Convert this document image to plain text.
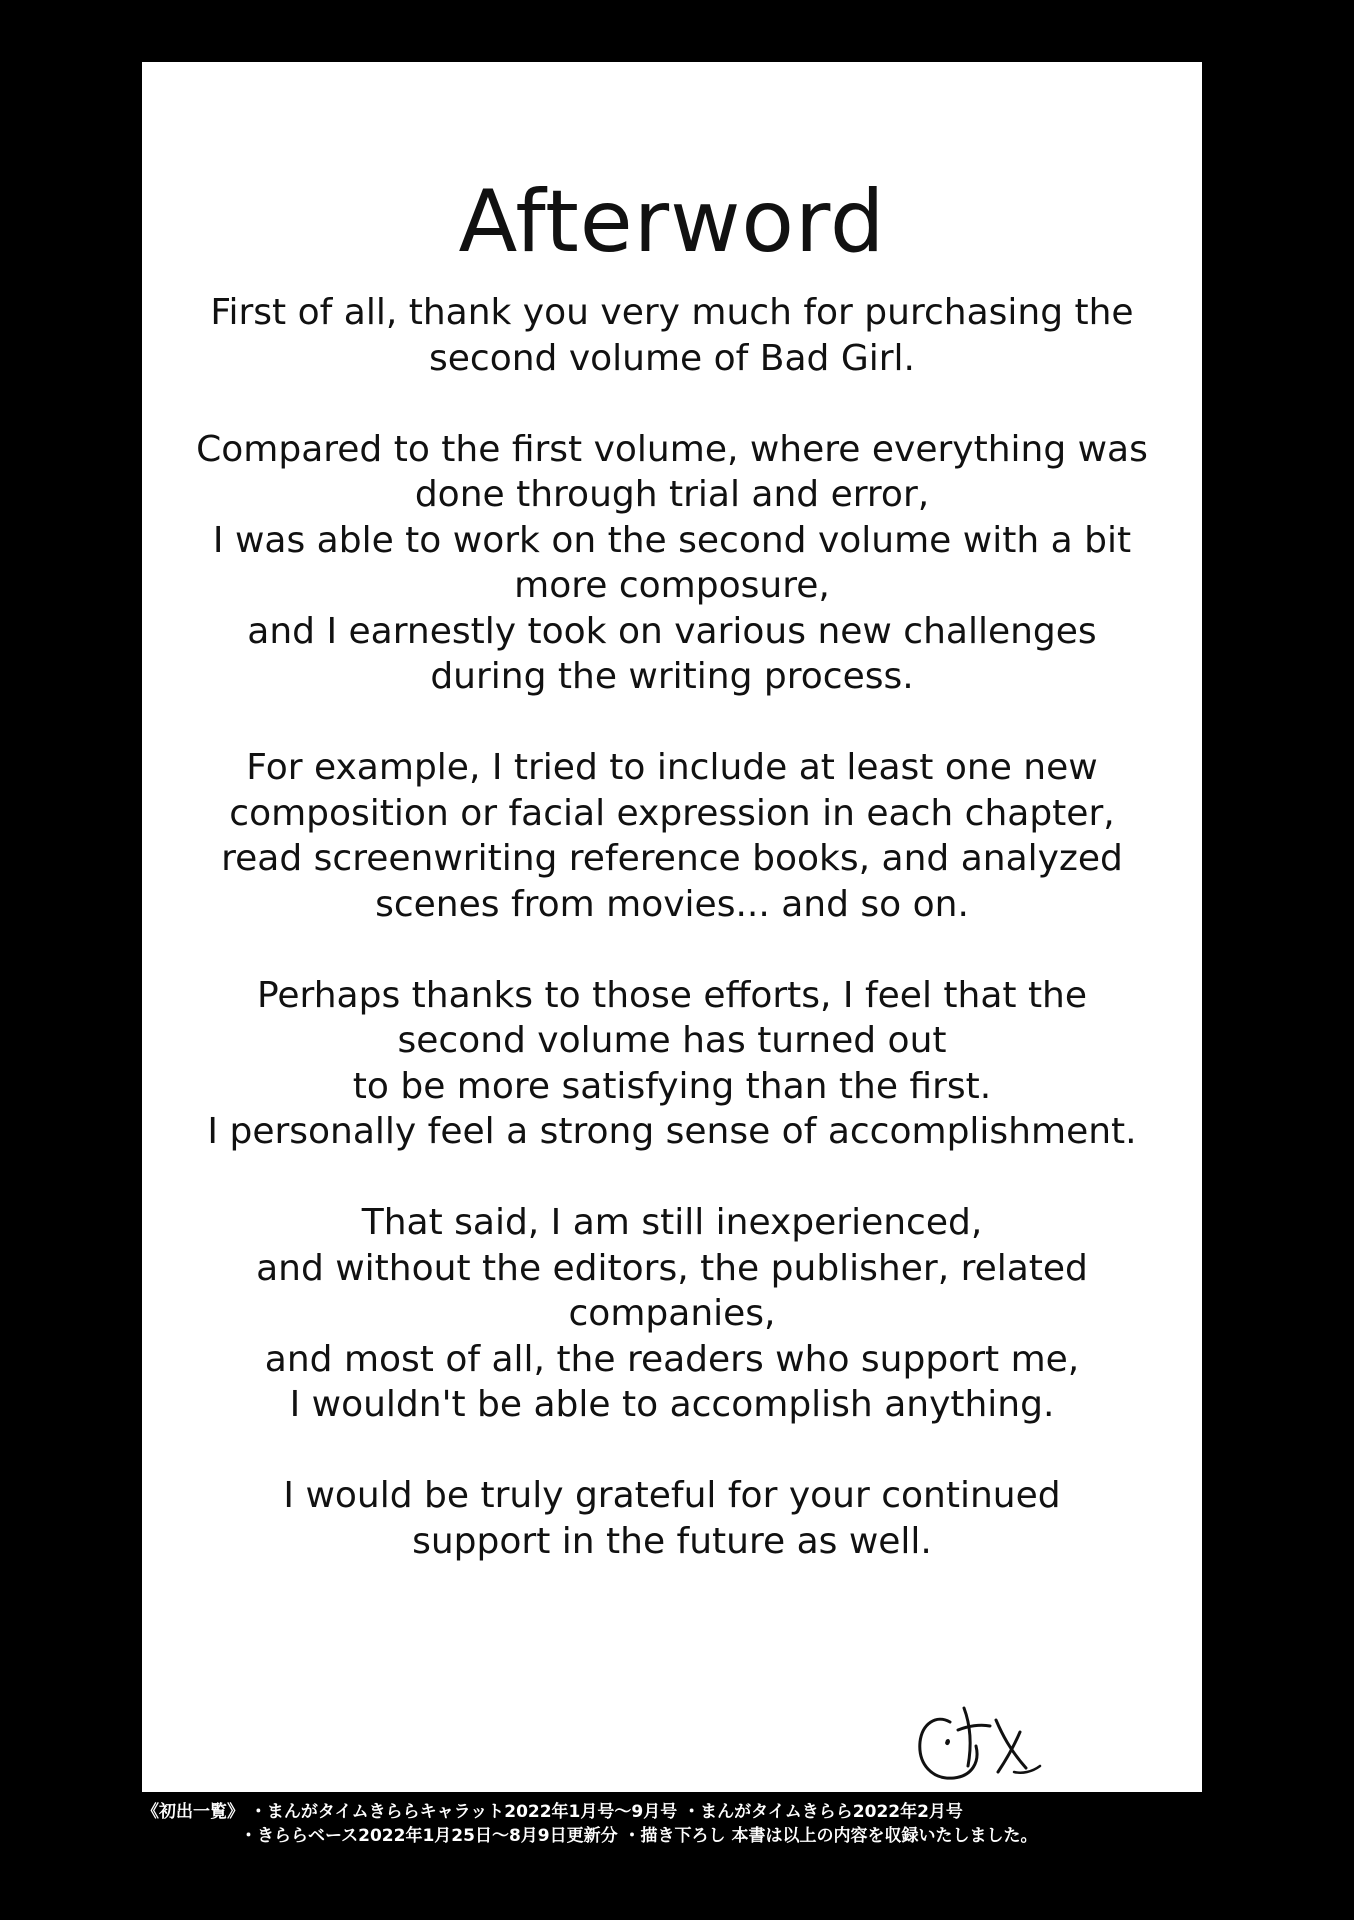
Afterword

First of all, thank you very much for purchasing the
second volume of Bad Girl.

Compared to the first volume, where everything was
done through trial and error,
I was able to work on the second volume with a bit
more composure,
and I earnestly took on various new challenges
during the writing process.

For example, I tried to include at least one new
composition or facial expression in each chapter,
read screenwriting reference books, and analyzed
scenes from movies... and so on.

Perhaps thanks to those efforts, I feel that the
second volume has turned out
to be more satisfying than the first.
I personally feel a strong sense of accomplishment.

That said, I am still inexperienced,
and without the editors, the publisher, related
companies,
and most of all, the readers who support me,
I wouldn't be able to accomplish anything.

I would be truly grateful for your continued
support in the future as well.

《初出一覧》 ・まんがタイムきららキャラット2022年1月号～9月号 ・まんがタイムきらら2022年2月号
・きららベース2022年1月25日～8月9日更新分 ・描き下ろし 本書は以上の内容を収録いたしました。
